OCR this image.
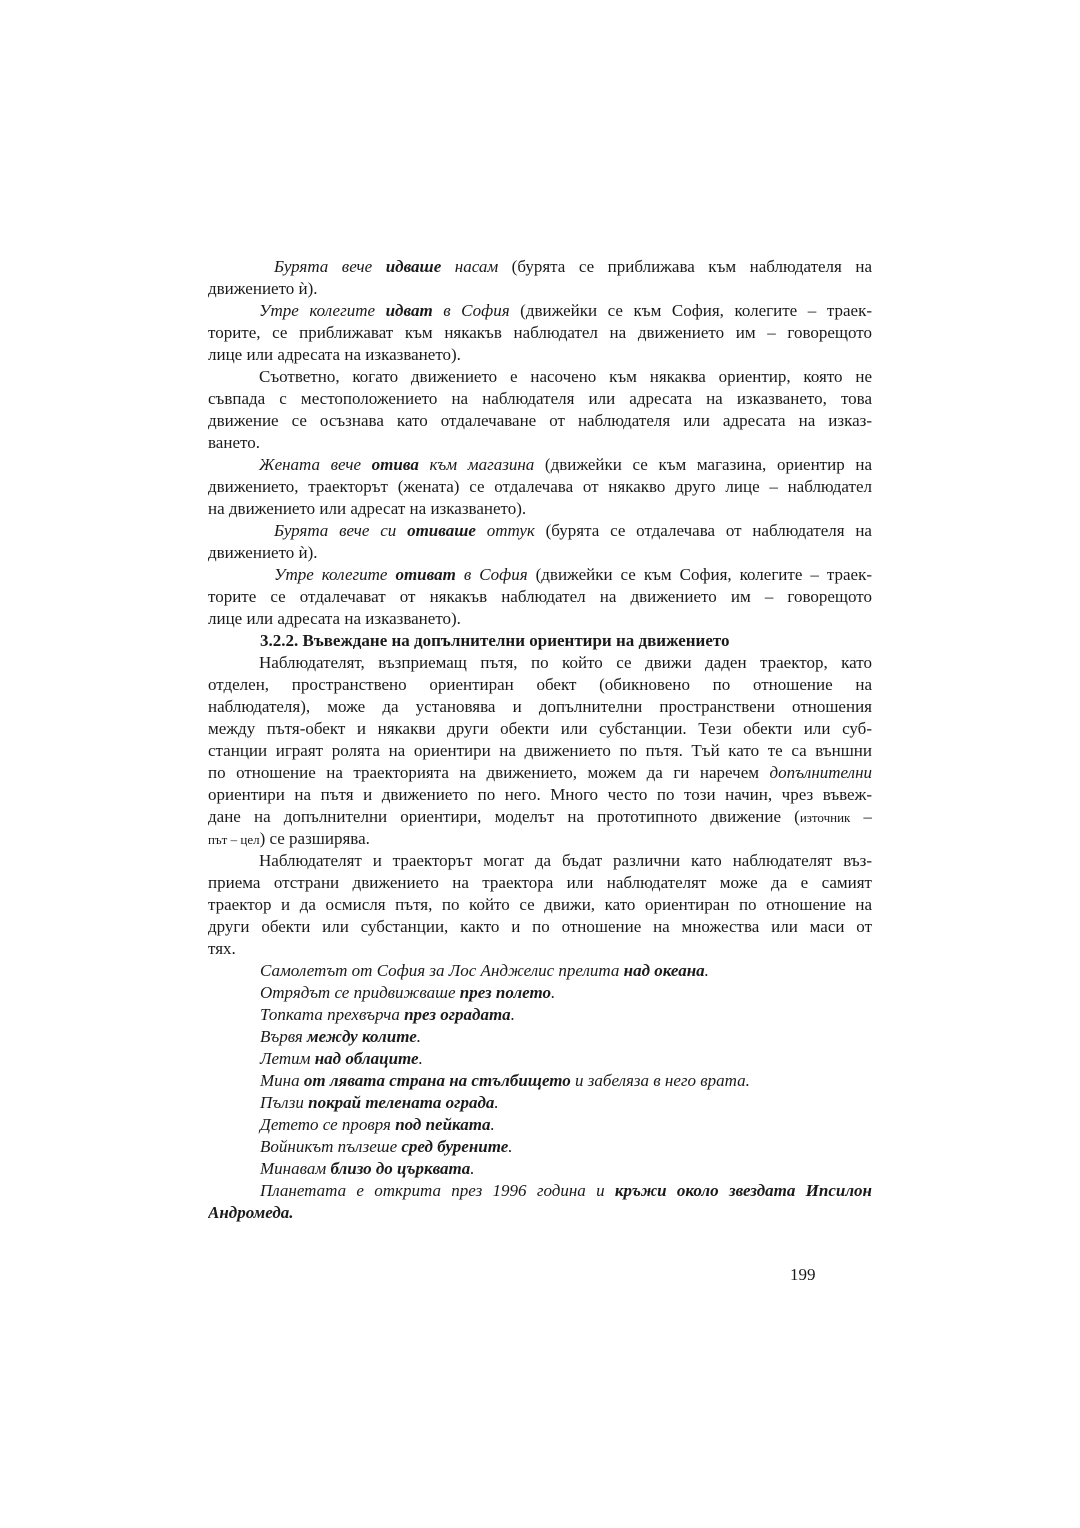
Бурята вече идваше насам (бурята се приближава към наблюдателя на
движението ѝ).
Утре колегите идват в София (движейки се към София, колегите – траек-
торите, се приближават към някакъв наблюдател на движението им – говорещото
лице или адресата на изказването).
Съответно, когато движението е насочено към някаква ориентир, която не
съвпада с местоположението на наблюдателя или адресата на изказването, това
движение се осъзнава като отдалечаване от наблюдателя или адресата на изказ-
ването.
Жената вече отива към магазина (движейки се към магазина, ориентир на
движението, траекторът (жената) се отдалечава от някакво друго лице – наблюдател
на движението или адресат на изказването).
Бурята вече си отиваше оттук (бурята се отдалечава от наблюдателя на
движението ѝ).
Утре колегите отиват в София (движейки се към София, колегите – траек-
торите се отдалечават от някакъв наблюдател на движението им – говорещото
лице или адресата на изказването).
3.2.2. Въвеждане на допълнителни ориентири на движението
Наблюдателят, възприемащ пътя, по който се движи даден траектор, като
отделен, пространствено ориентиран обект (обикновено по отношение на
наблюдателя), може да установява и допълнителни пространствени отношения
между пътя-обект и някакви други обекти или субстанции. Тези обекти или суб-
станции играят ролята на ориентири на движението по пътя. Тъй като те са външни
по отношение на траекторията на движението, можем да ги наречем допълнителни
ориентири на пътя и движението по него. Много често по този начин, чрез въвеж-
дане на допълнителни ориентири, моделът на прототипното движение (източник –
път – цел) се разширява.
Наблюдателят и траекторът могат да бъдат различни като наблюдателят въз-
приема отстрани движението на траектора или наблюдателят може да е самият
траектор и да осмисля пътя, по който се движи, като ориентиран по отношение на
други обекти или субстанции, както и по отношение на множества или маси от
тях.
Самолетът от София за Лос Анджелис прелита над океана.
Отрядът се придвижваше през полето.
Топката прехвърча през оградата.
Вървя между колите.
Летим над облаците.
Мина от лявата страна на стълбището и забеляза в него врата.
Пълзи покрай телената ограда.
Детето се провря под пейката.
Войникът пълзеше сред бурените.
Минавам близо до църквата.
Планетата е открита през 1996 година и кръжи около звездата Ипсилон
Андромеда.
199
